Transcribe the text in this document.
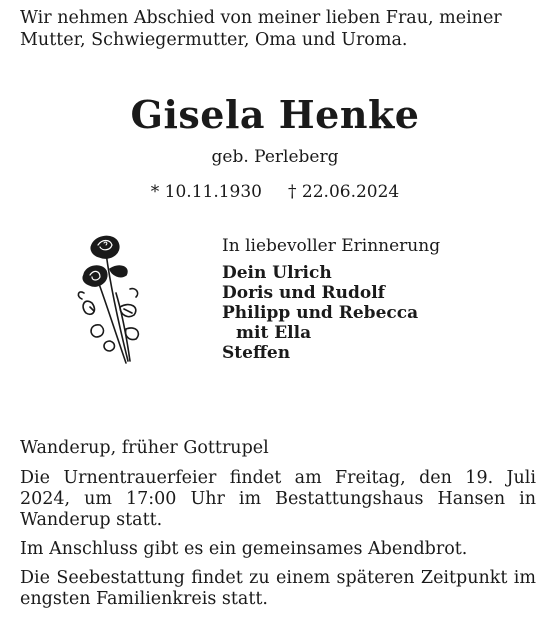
Wir nehmen Abschied von meiner lieben Frau, meiner
Mutter, Schwiegermutter, Oma und Uroma.
Gisela Henke
geb. Perleberg
* 10.11.1930 † 22.06.2024
In liebevoller Erinnerung
Dein Ulrich
Doris und Rudolf
Philipp und Rebecca
mit Ella
Steffen

Wanderup, früher Gottrupel

Die Urnentrauerfeier findet am Freitag, den 19. Juli 2024, um 17:00 Uhr im Bestattungshaus Hansen in Wanderup statt.

Im Anschluss gibt es ein gemeinsames Abendbrot.

Die Seebestattung findet zu einem späteren Zeitpunkt im engsten Familienkreis statt.
